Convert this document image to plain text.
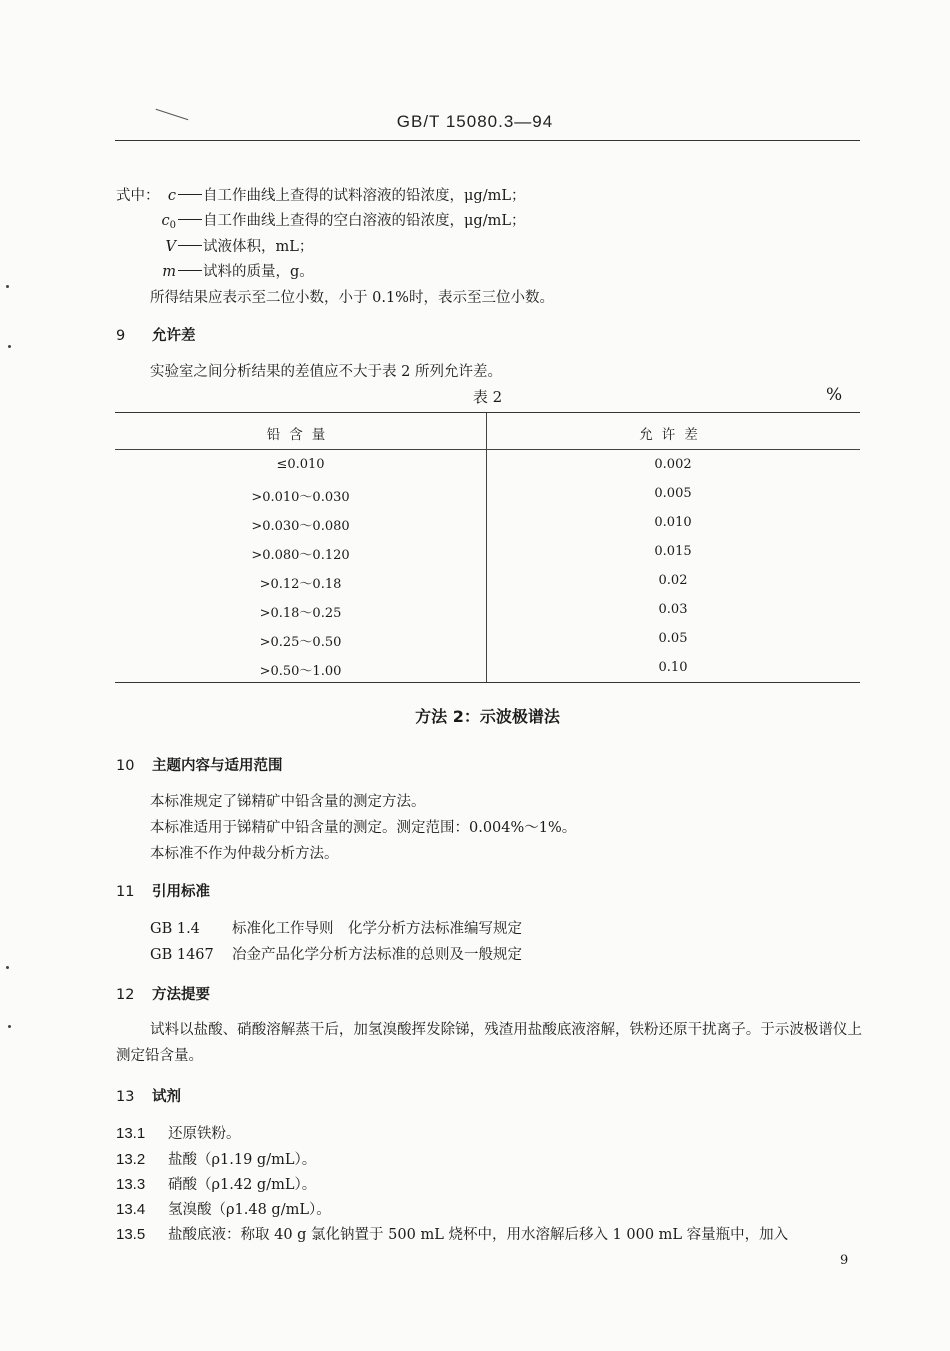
GB/T 15080.3—94
式中： c 自工作曲线上查得的试料溶液的铅浓度，μg/mL；
$c_0$ 自工作曲线上查得的空白溶液的铅浓度，μg/mL；
V 试液体积，mL；
m 试料的质量，g。
所得结果应表示至二位小数，小于 0.1%时，表示至三位小数。
9 允许差
实验室之间分析结果的差值应不大于表 2 所列允许差。
表 2	%
铅含量	允许差
≤0.010	0.002
>0.010～0.030	0.005
>0.030～0.080	0.010
>0.080～0.120	0.015
>0.12～0.18	0.02
>0.18～0.25	0.03
>0.25～0.50	0.05
>0.50～1.00	0.10
方法 2：示波极谱法
10 主题内容与适用范围
本标准规定了锑精矿中铅含量的测定方法。
本标准适用于锑精矿中铅含量的测定。测定范围：0.004%～1%。
本标准不作为仲裁分析方法。
11 引用标准
GB 1.4 标准化工作导则　化学分析方法标准编写规定
GB 1467 冶金产品化学分析方法标准的总则及一般规定
12 方法提要
试料以盐酸、硝酸溶解蒸干后，加氢溴酸挥发除锑，残渣用盐酸底液溶解，铁粉还原干扰离子。于示波极谱仪上测定铅含量。
13 试剂
13.1 还原铁粉。
13.2 盐酸（ρ1.19 g/mL）。
13.3 硝酸（ρ1.42 g/mL）。
13.4 氢溴酸（ρ1.48 g/mL）。
13.5 盐酸底液：称取 40 g 氯化钠置于 500 mL 烧杯中，用水溶解后移入 1 000 mL 容量瓶中，加入
9
